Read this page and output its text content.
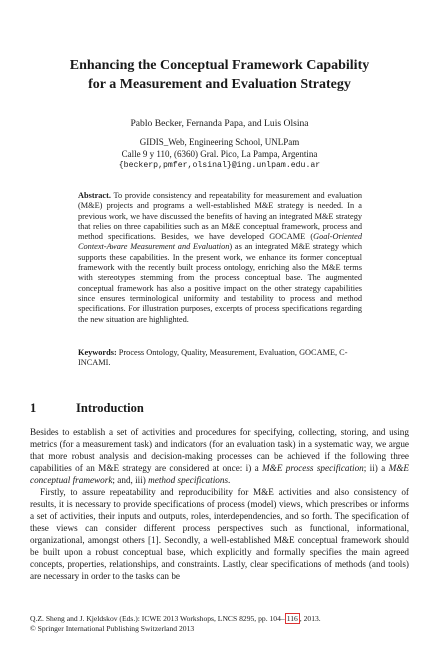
Enhancing the Conceptual Framework Capability
for a Measurement and Evaluation Strategy
Pablo Becker, Fernanda Papa, and Luis Olsina
GIDIS_Web, Engineering School, UNLPam
Calle 9 y 110, (6360) Gral. Pico, La Pampa, Argentina
{beckerp,pmfer,olsinal}@ing.unlpam.edu.ar
Abstract. To provide consistency and repeatability for measurement and evaluation (M&E) projects and programs a well-established M&E strategy is needed. In a previous work, we have discussed the benefits of having an integrated M&E strategy that relies on three capabilities such as an M&E conceptual framework, process and method specifications. Besides, we have developed GOCAME (Goal-Oriented Context-Aware Measurement and Evaluation) as an integrated M&E strategy which supports these capabilities. In the present work, we enhance its former conceptual framework with the recently built process ontology, enriching also the M&E terms with stereotypes stemming from the process conceptual base. The augmented conceptual framework has also a positive impact on the other strategy capabilities since ensures terminological uniformity and testability to process and method specifications. For illustration purposes, excerpts of process specifications regarding the new situation are highlighted.
Keywords: Process Ontology, Quality, Measurement, Evaluation, GOCAME, C-INCAMI.
1	Introduction

Besides to establish a set of activities and procedures for specifying, collecting, storing, and using metrics (for a measurement task) and indicators (for an evaluation task) in a systematic way, we argue that more robust analysis and decision-making processes can be achieved if the following three capabilities of an M&E strategy are considered at once: i) a M&E process specification; ii) a M&E conceptual framework; and, iii) method specifications.

Firstly, to assure repeatability and reproducibility for M&E activities and also consistency of results, it is necessary to provide specifications of process (model) views, which prescribes or informs a set of activities, their inputs and outputs, roles, interdependencies, and so forth. The specification of these views can consider different process perspectives such as functional, informational, organizational, amongst others [1]. Secondly, a well-established M&E conceptual framework should be built upon a robust conceptual base, which explicitly and formally specifies the main agreed concepts, properties, relationships, and constraints. Lastly, clear specifications of methods (and tools) are necessary in order to the tasks can be

Q.Z. Sheng and J. Kjeldskov (Eds.): ICWE 2013 Workshops, LNCS 8295, pp. 104– 116 , 2013.
© Springer International Publishing Switzerland 2013
